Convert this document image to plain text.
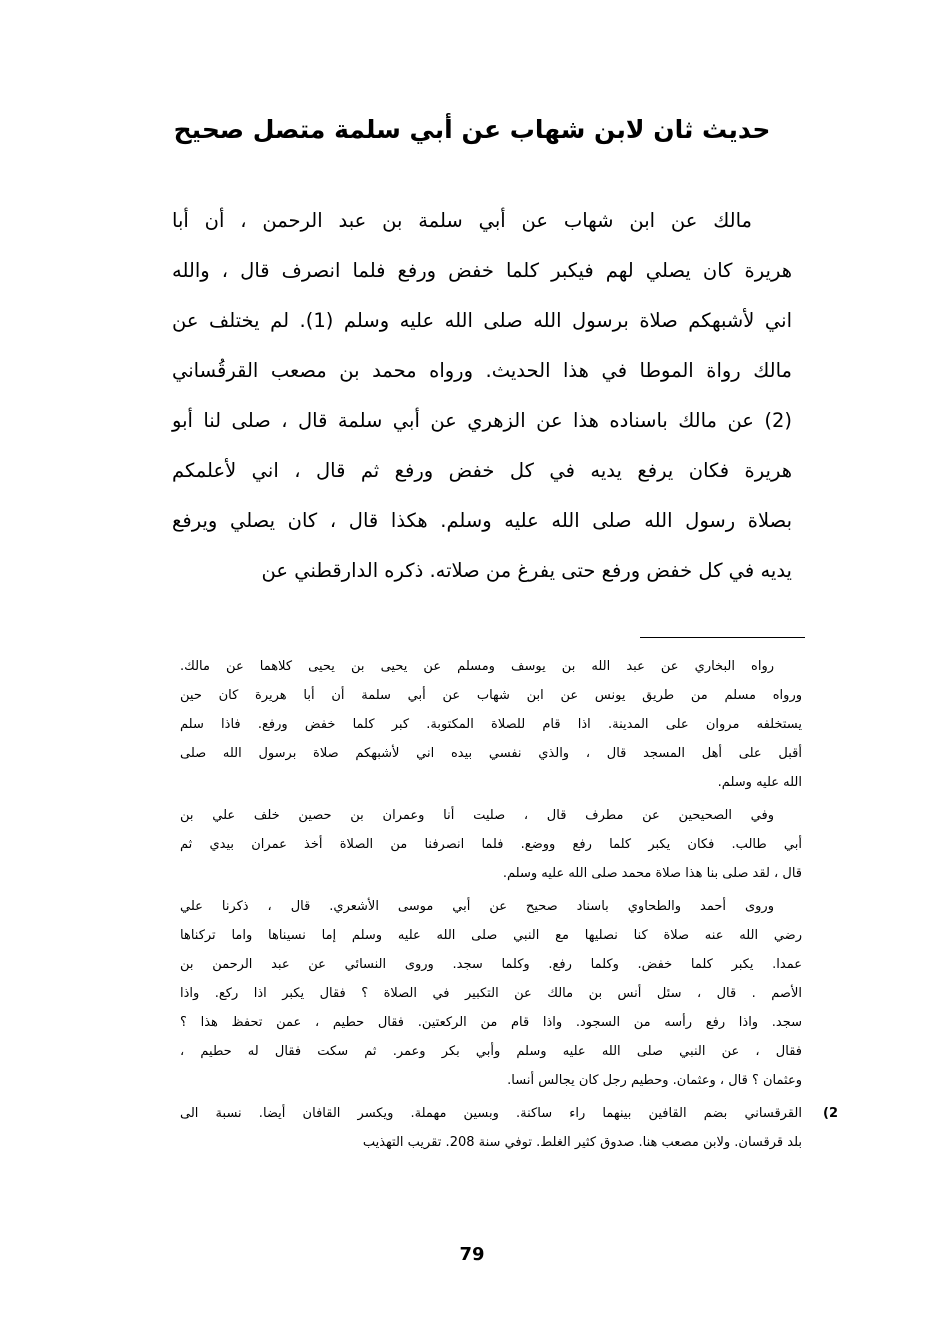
حديث ثان لابن شهاب عن أبي سلمة متصل صحيح
مالك عن ابن شهاب عن أبي سلمة بن عبد الرحمن ، أن أبا
هريرة كان يصلي لهم فيكبر كلما خفض ورفع فلما انصرف قال ، والله
اني لأشبهكم صلاة برسول الله صلى الله عليه وسلم (1). لم يختلف عن
مالك رواة الموطا في هذا الحديث. ورواه محمد بن مصعب القرقُساني
(2) عن مالك باسناده هذا عن الزهري عن أبي سلمة قال ، صلى لنا أبو
هريرة فكان يرفع يديه في كل خفض ورفع ثم قال ، اني لأعلمكم
بصلاة رسول الله صلى الله عليه وسلم. هكذا قال ، كان يصلي ويرفع
يديه في كل خفض ورفع حتى يفرغ من صلاته. ذكره الدارقطني عن
رواه البخاري عن عبد الله بن يوسف ومسلم عن يحيى بن يحيى كلاهما عن مالك.
ورواه مسلم من طريق يونس عن ابن شهاب عن أبي سلمة أن أبا هريرة كان حين
يستخلفه مروان على المدينة. اذا قام للصلاة المكتوبة. كبر كلما خفض ورفع. فاذا سلم
أقبل على أهل المسجد قال ، والذي نفسي بيده اني لأشبهكم صلاة برسول الله صلى
الله عليه وسلم.
وفي الصحيحين عن مطرف قال ، صليت أنا وعمران بن حصين خلف علي بن
أبي طالب. فكان يكبر كلما رفع ووضع. فلما انصرفنا من الصلاة أخذ عمران بيدي ثم
قال ، لقد صلى بنا هذا صلاة محمد صلى الله عليه وسلم.
وروى أحمد والطحاوي باسناد صحيح عن أبي موسى الأشعري. قال ، ذكرنا علي
رضي الله عنه صلاة كنا نصليها مع النبي صلى الله عليه وسلم إما نسيناها واما تركناها
عمدا. يكبر كلما خفض. وكلما رفع. وكلما سجد. وروى النسائي عن عبد الرحمن بن
الأصم . قال ، سئل أنس بن مالك عن التكبير في الصلاة ؟ فقال يكبر اذا ركع. واذا
سجد. واذا رفع رأسه من السجود. واذا قام من الركعتين. فقال حطيم ، عمن تحفظ هذا ؟
فقال ، عن النبي صلى الله عليه وسلم وأبي بكر وعمر. ثم سكت فقال له حطيم ،
وعثمان ؟ قال ، وعثمان. وحطيم رجل كان يجالس أنسا.
2)
القرقساني بضم القافين بينهما راء ساكنة. وبسين مهملة. ويكسر القافان أيضا. نسبة الى
بلد قرقسان. ولابن مصعب هنا. صدوق كثير الغلط. توفي سنة 208. تقريب التهذيب
79
